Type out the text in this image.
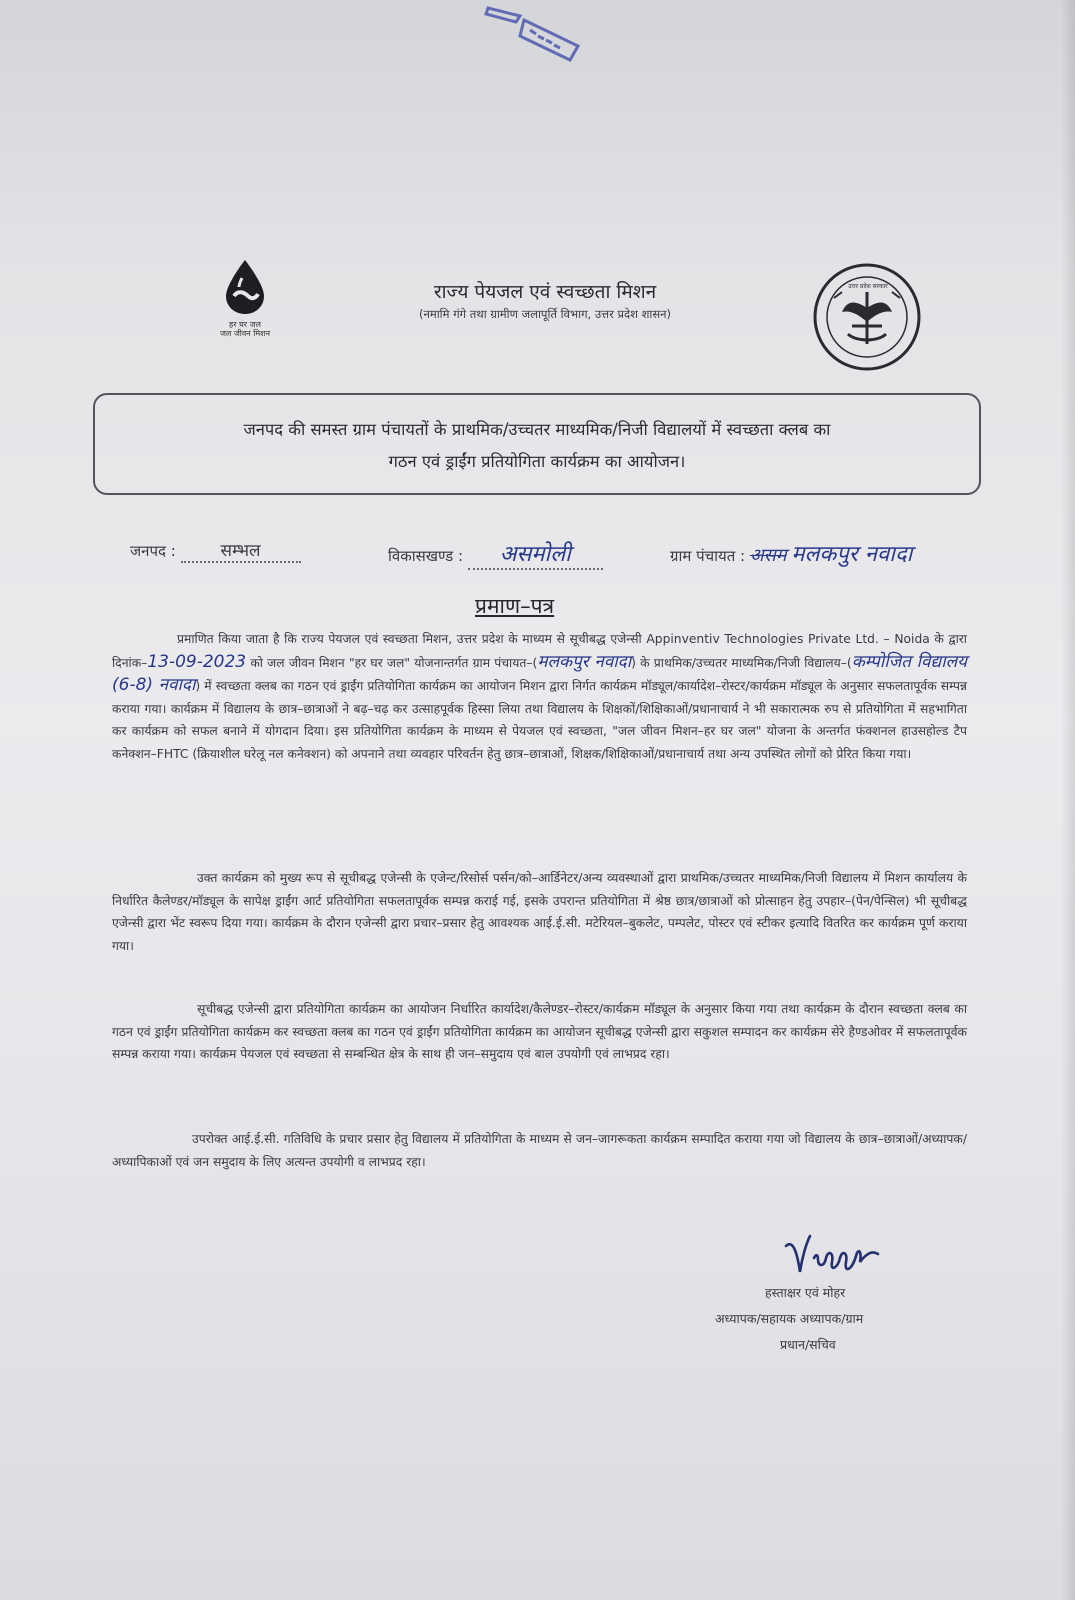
हर घर जल
जल जीवन मिशन
राज्य पेयजल एवं स्वच्छता मिशन
(नमामि गंगे तथा ग्रामीण जलापूर्ति विभाग, उत्तर प्रदेश शासन)
उत्तर प्रदेश सरकार

जनपद की समस्त ग्राम पंचायतों के प्राथमिक/उच्चतर माध्यमिक/निजी विद्यालयों में स्वच्छता क्लब का

गठन एवं ड्राईंग प्रतियोगिता कार्यक्रम का आयोजन।

जनपद :	सम्भल	विकासखण्ड : असमोली	ग्राम पंचायत : असम मलकपुर नवादा
प्रमाण–पत्र

प्रमाणित किया जाता है कि राज्य पेयजल एवं स्वच्छता मिशन, उत्तर प्रदेश के माध्यम से सूचीबद्ध एजेन्सी Appinventiv Technologies Private Ltd. – Noida के द्वारा दिनांक–13-09-2023 को जल जीवन मिशन "हर घर जल" योजनान्तर्गत ग्राम पंचायत–(मलकपुर नवादा) के प्राथमिक/उच्चतर माध्यमिक/निजी विद्यालय–(कम्पोजित विद्यालय (6-8) नवादा) में स्वच्छता क्लब का गठन एवं ड्राईंग प्रतियोगिता कार्यक्रम का आयोजन मिशन द्वारा निर्गत कार्यक्रम मॉड्यूल/कार्यादेश–रोस्टर/कार्यक्रम मॉड्यूल के अनुसार सफलतापूर्वक सम्पन्न कराया गया। कार्यक्रम में विद्यालय के छात्र–छात्राओं ने बढ़–चढ़ कर उत्साहपूर्वक हिस्सा लिया तथा विद्यालय के शिक्षकों/शिक्षिकाओं/प्रधानाचार्य ने भी सकारात्मक रुप से प्रतियोगिता में सहभागिता कर कार्यक्रम को सफल बनाने में योगदान दिया। इस प्रतियोगिता कार्यक्रम के माध्यम से पेयजल एवं स्वच्छता, "जल जीवन मिशन–हर घर जल" योजना के अन्तर्गत फंक्शनल हाउसहोल्ड टैप कनेक्शन–FHTC (क्रियाशील घरेलू नल कनेक्शन) को अपनाने तथा व्यवहार परिवर्तन हेतु छात्र–छात्राओं, शिक्षक/शिक्षिकाओं/प्रधानाचार्य तथा अन्य उपस्थित लोगों को प्रेरित किया गया।

उक्त कार्यक्रम को मुख्य रूप से सूचीबद्ध एजेन्सी के एजेन्ट/रिसोर्स पर्सन/को–आर्डिनेटर/अन्य व्यवस्थाओं द्वारा प्राथमिक/उच्चतर माध्यमिक/निजी विद्यालय में मिशन कार्यालय के निर्धारित कैलेण्डर/मॉड्यूल के सापेक्ष ड्राईंग आर्ट प्रतियोगिता सफलतापूर्वक सम्पन्न कराई गई, इसके उपरान्त प्रतियोगिता में श्रेष्ठ छात्र/छात्राओं को प्रोत्साहन हेतु उपहार–(पेन/पेन्सिल) भी सूचीबद्ध एजेन्सी द्वारा भेंट स्वरूप दिया गया। कार्यक्रम के दौरान एजेन्सी द्वारा प्रचार–प्रसार हेतु आवश्यक आई.ई.सी. मटेरियल–बुकलेट, पम्पलेट, पोस्टर एवं स्टीकर इत्यादि वितरित कर कार्यक्रम पूर्ण कराया गया।

सूचीबद्ध एजेन्सी द्वारा प्रतियोगिता कार्यक्रम का आयोजन निर्धारित कार्यादेश/कैलेण्डर–रोस्टर/कार्यक्रम मॉड्यूल के अनुसार किया गया तथा कार्यक्रम के दौरान स्वच्छता क्लब का गठन एवं ड्राईंग प्रतियोगिता कार्यक्रम कर स्वच्छता क्लब का गठन एवं ड्राईंग प्रतियोगिता कार्यक्रम का आयोजन सूचीबद्ध एजेन्सी द्वारा सकुशल सम्पादन कर कार्यक्रम सेरे हैण्डओवर में सफलतापूर्वक सम्पन्न कराया गया। कार्यक्रम पेयजल एवं स्वच्छता से सम्बन्धित क्षेत्र के साथ ही जन–समुदाय एवं बाल उपयोगी एवं लाभप्रद रहा।

उपरोक्त आई.ई.सी. गतिविधि के प्रचार प्रसार हेतु विद्यालय में प्रतियोगिता के माध्यम से जन–जागरूकता कार्यक्रम सम्पादित कराया गया जो विद्यालय के छात्र–छात्राओं/अध्यापक/अध्यापिकाओं एवं जन समुदाय के लिए अत्यन्त उपयोगी व लाभप्रद रहा।

हस्ताक्षर एवं मोहर
अध्यापक/सहायक अध्यापक/ग्राम
प्रधान/सचिव
